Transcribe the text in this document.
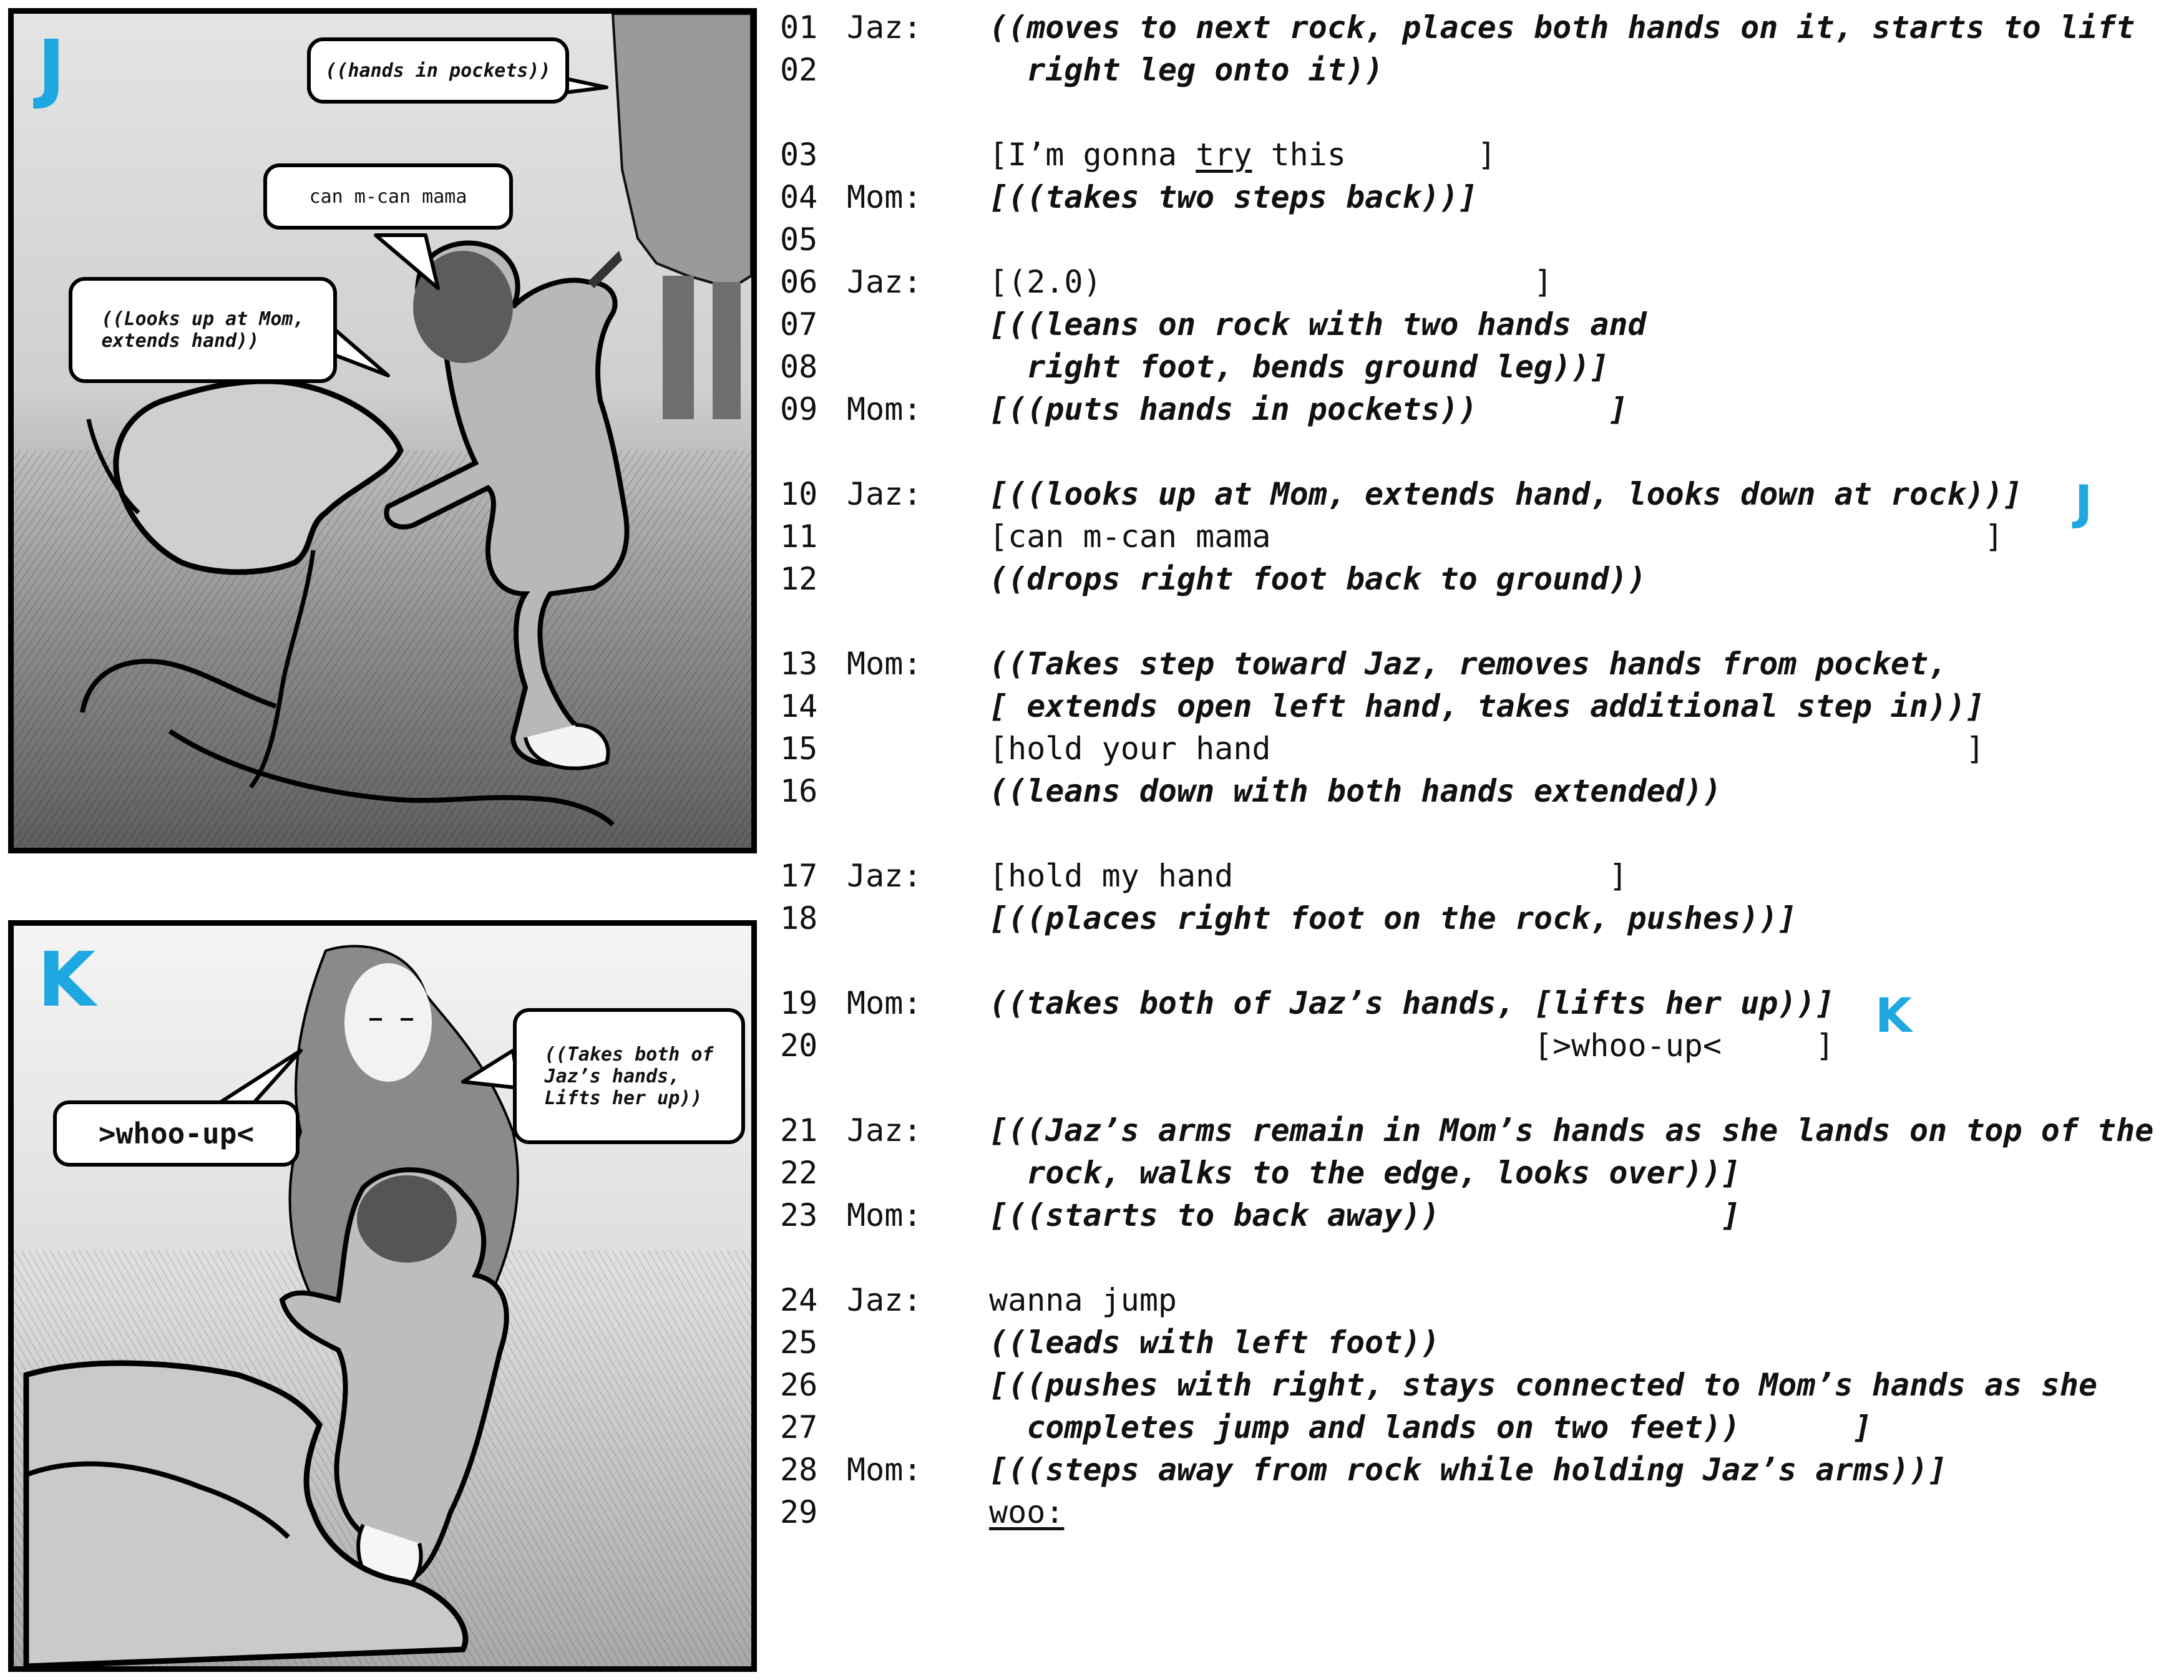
J	((hands in pockets))
can m-can mama
((Looks up at Mom,
extends hand))
K
>whoo-up<
((Takes both of
Jaz’s hands,
Lifts her up))
01 Jaz:	((moves to next rock, places both hands on it, starts to lift
02	right leg onto it))
03	[I’m gonna try this       ]
04 Mom:	[((takes two steps back))]
05
06 Jaz:	[(2.0)                       ]
07	[((leans on rock with two hands and
08	right foot, bends ground leg))]
09 Mom:	[((puts hands in pockets))       ]
10 Jaz:	[((looks up at Mom, extends hand, looks down at rock))]
11	[can m-can mama                                      ]
12	((drops right foot back to ground))
13 Mom:	((Takes step toward Jaz, removes hands from pocket,
14	[ extends open left hand, takes additional step in))]
15	[hold your hand                                     ]
16	((leans down with both hands extended))
17 Jaz:	[hold my hand                    ]
18	[((places right foot on the rock, pushes))]
19 Mom:	((takes both of Jaz’s hands, [lifts her up))]
20	[>whoo-up<     ]
21 Jaz:	[((Jaz’s arms remain in Mom’s hands as she lands on top of the
22	rock, walks to the edge, looks over))]
23 Mom:	[((starts to back away))               ]
24 Jaz:	wanna jump
25	((leads with left foot))
26	[((pushes with right, stays connected to Mom’s hands as she
27	completes jump and lands on two feet))      ]
28 Mom:	[((steps away from rock while holding Jaz’s arms))]
29	woo:
J
K
